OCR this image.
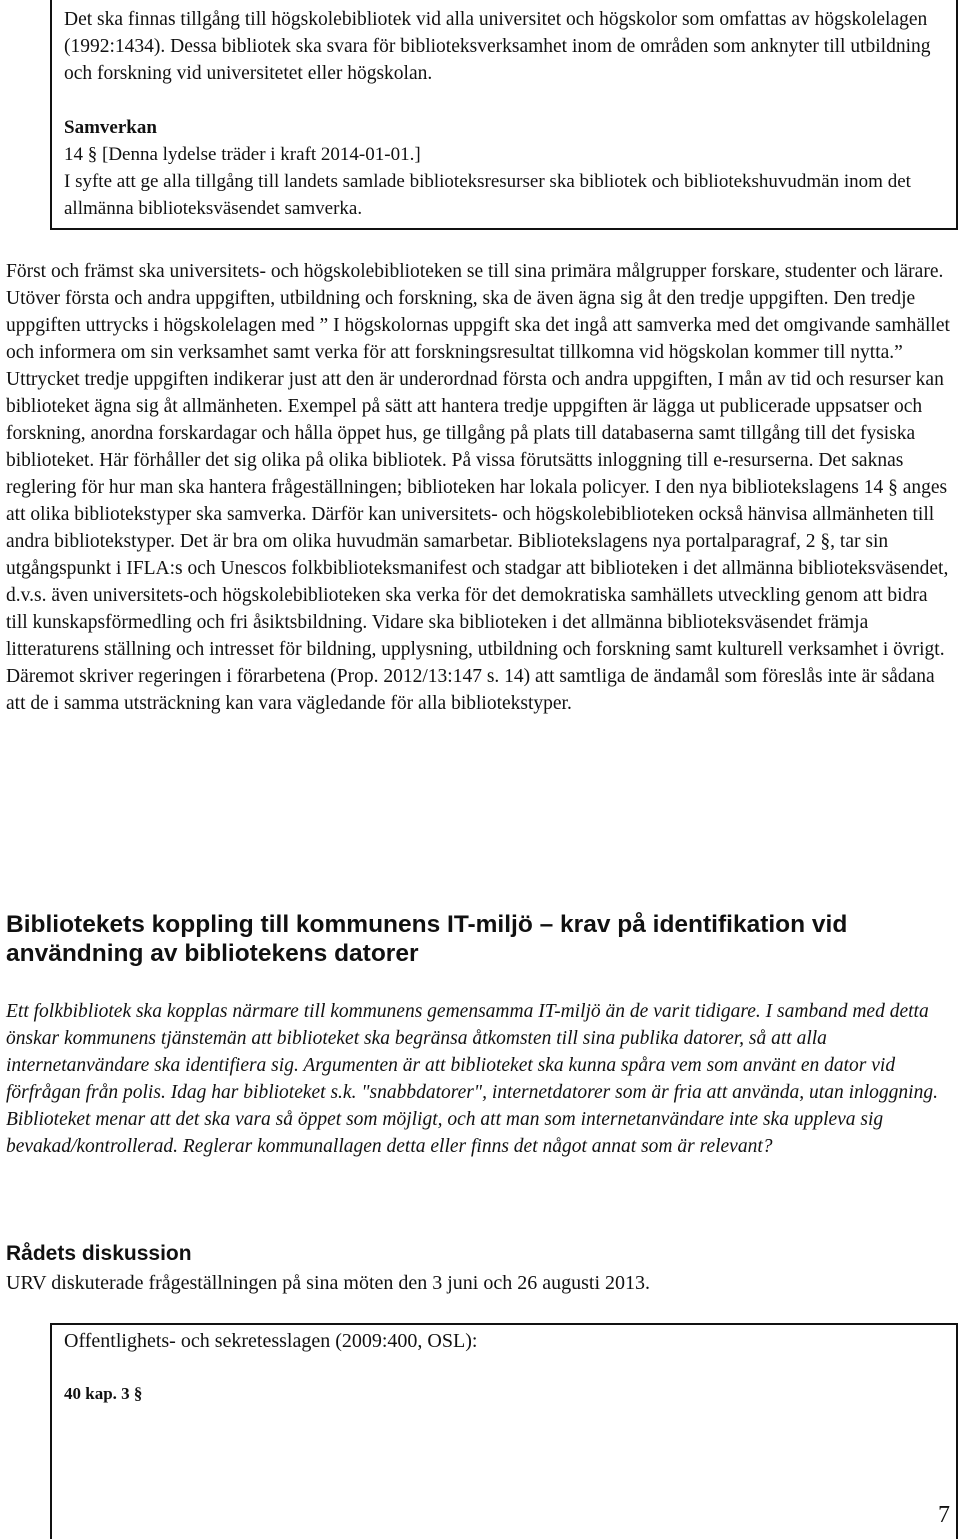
Det ska finnas tillgång till högskolebibliotek vid alla universitet och högskolor som omfattas av högskolelagen (1992:1434). Dessa bibliotek ska svara för biblioteksverksamhet inom de områden som anknyter till utbildning och forskning vid universitetet eller högskolan.

Samverkan

14 § [Denna lydelse träder i kraft 2014-01-01.]

I syfte att ge alla tillgång till landets samlade biblioteksresurser ska bibliotek och bibliotekshuvudmän inom det allmänna biblioteksväsendet samverka.

Först och främst ska universitets- och högskolebiblioteken se till sina primära målgrupper forskare, studenter och lärare. Utöver första och andra uppgiften, utbildning och forskning, ska de även ägna sig åt den tredje uppgiften. Den tredje uppgiften uttrycks i högskolelagen med ” I högskolornas uppgift ska det ingå att samverka med det omgivande samhället och informera om sin verksamhet samt verka för att forskningsresultat tillkomna vid högskolan kommer till nytta.” Uttrycket tredje uppgiften indikerar just att den är underordnad första och andra uppgiften, I mån av tid och resurser kan biblioteket ägna sig åt allmänheten. Exempel på sätt att hantera tredje uppgiften är lägga ut publicerade uppsatser och forskning, anordna forskardagar och hålla öppet hus, ge tillgång på plats till databaserna samt tillgång till det fysiska biblioteket. Här förhåller det sig olika på olika bibliotek. På vissa förutsätts inloggning till e-resurserna. Det saknas reglering för hur man ska hantera frågeställningen; biblioteken har lokala policyer. I den nya bibliotekslagens 14 § anges att olika bibliotekstyper ska samverka. Därför kan universitets- och högskolebiblioteken också hänvisa allmänheten till andra bibliotekstyper. Det är bra om olika huvudmän samarbetar. Bibliotekslagens nya portalparagraf, 2 §, tar sin utgångspunkt i IFLA:s och Unescos folkbiblioteksmanifest och stadgar att biblioteken i det allmänna biblioteksväsendet, d.v.s. även universitets-och högskolebiblioteken ska verka för det demokratiska samhällets utveckling genom att bidra till kunskapsförmedling och fri åsiktsbildning. Vidare ska biblioteken i det allmänna biblioteksväsendet främja litteraturens ställning och intresset för bildning, upplysning, utbildning och forskning samt kulturell verksamhet i övrigt. Däremot skriver regeringen i förarbetena (Prop. 2012/13:147 s. 14) att samtliga de ändamål som föreslås inte är sådana att de i samma utsträckning kan vara vägledande för alla bibliotekstyper.

Bibliotekets koppling till kommunens IT-miljö – krav på identifikation vid användning av bibliotekens datorer

Ett folkbibliotek ska kopplas närmare till kommunens gemensamma IT-miljö än de varit tidigare. I samband med detta önskar kommunens tjänstemän att biblioteket ska begränsa åtkomsten till sina publika datorer, så att alla internetanvändare ska identifiera sig. Argumenten är att biblioteket ska kunna spåra vem som använt en dator vid förfrågan från polis. Idag har biblioteket s.k. "snabbdatorer", internetdatorer som är fria att använda, utan inloggning. Biblioteket menar att det ska vara så öppet som möjligt, och att man som internetanvändare inte ska uppleva sig bevakad/kontrollerad. Reglerar kommunallagen detta eller finns det något annat som är relevant?

Rådets diskussion

URV diskuterade frågeställningen på sina möten den 3 juni och 26 augusti 2013.

Offentlighets- och sekretesslagen (2009:400, OSL):

40 kap. 3 §

7
